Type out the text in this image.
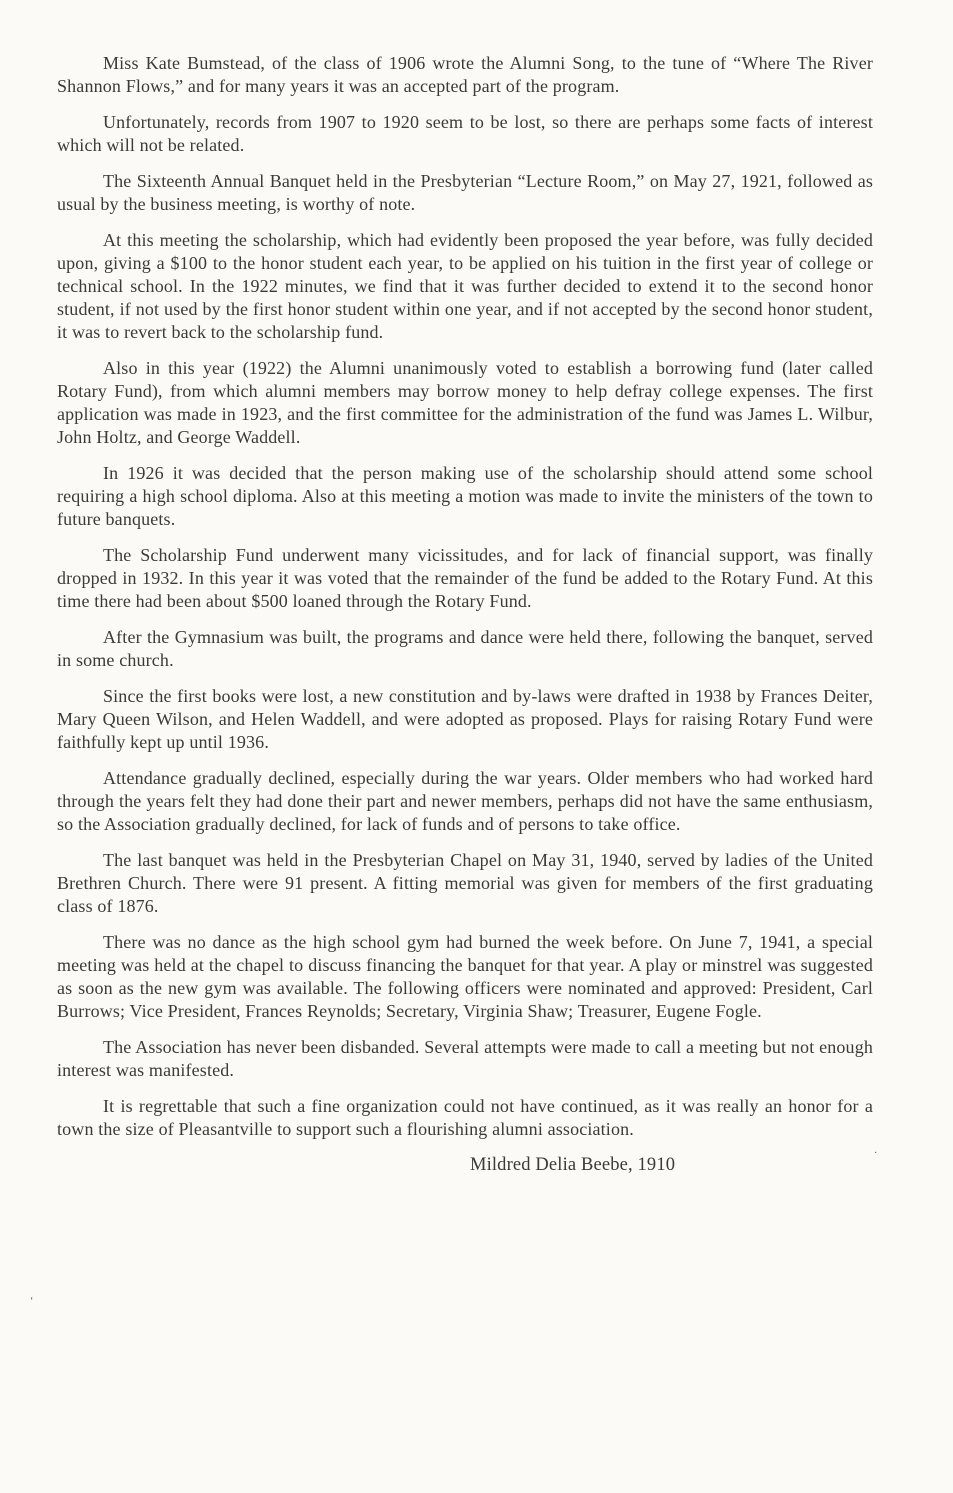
Miss Kate Bumstead, of the class of 1906 wrote the Alumni Song, to the tune of “Where The River Shannon Flows,” and for many years it was an accepted part of the program.

Unfortunately, records from 1907 to 1920 seem to be lost, so there are perhaps some facts of interest which will not be related.

The Sixteenth Annual Banquet held in the Presbyterian “Lecture Room,” on May 27, 1921, followed as usual by the business meeting, is worthy of note.

At this meeting the scholarship, which had evidently been proposed the year before, was fully decided upon, giving a $100 to the honor student each year, to be applied on his tuition in the first year of college or technical school. In the 1922 minutes, we find that it was further decided to extend it to the second honor student, if not used by the first honor student within one year, and if not accepted by the second honor student, it was to revert back to the scholarship fund.

Also in this year (1922) the Alumni unanimously voted to establish a borrowing fund (later called Rotary Fund), from which alumni members may borrow money to help defray college expenses. The first application was made in 1923, and the first committee for the administration of the fund was James L. Wilbur, John Holtz, and George Waddell.

In 1926 it was decided that the person making use of the scholarship should attend some school requiring a high school diploma. Also at this meeting a motion was made to invite the ministers of the town to future banquets.

The Scholarship Fund underwent many vicissitudes, and for lack of financial support, was finally dropped in 1932. In this year it was voted that the remainder of the fund be added to the Rotary Fund. At this time there had been about $500 loaned through the Rotary Fund.

After the Gymnasium was built, the programs and dance were held there, following the banquet, served in some church.

Since the first books were lost, a new constitution and by-laws were drafted in 1938 by Frances Deiter, Mary Queen Wilson, and Helen Waddell, and were adopted as proposed. Plays for raising Rotary Fund were faithfully kept up until 1936.

Attendance gradually declined, especially during the war years. Older members who had worked hard through the years felt they had done their part and newer members, perhaps did not have the same enthusiasm, so the Association gradually declined, for lack of funds and of persons to take office.

The last banquet was held in the Presbyterian Chapel on May 31, 1940, served by ladies of the United Brethren Church. There were 91 present. A fitting memorial was given for members of the first graduating class of 1876.

There was no dance as the high school gym had burned the week before. On June 7, 1941, a special meeting was held at the chapel to discuss financing the banquet for that year. A play or minstrel was suggested as soon as the new gym was available. The following officers were nominated and approved: President, Carl Burrows; Vice President, Frances Reynolds; Secretary, Virginia Shaw; Treasurer, Eugene Fogle.

The Association has never been disbanded. Several attempts were made to call a meeting but not enough interest was manifested.

It is regrettable that such a fine organization could not have continued, as it was really an honor for a town the size of Pleasantville to support such a flourishing alumni association.

Mildred Delia Beebe, 1910
·
‘
